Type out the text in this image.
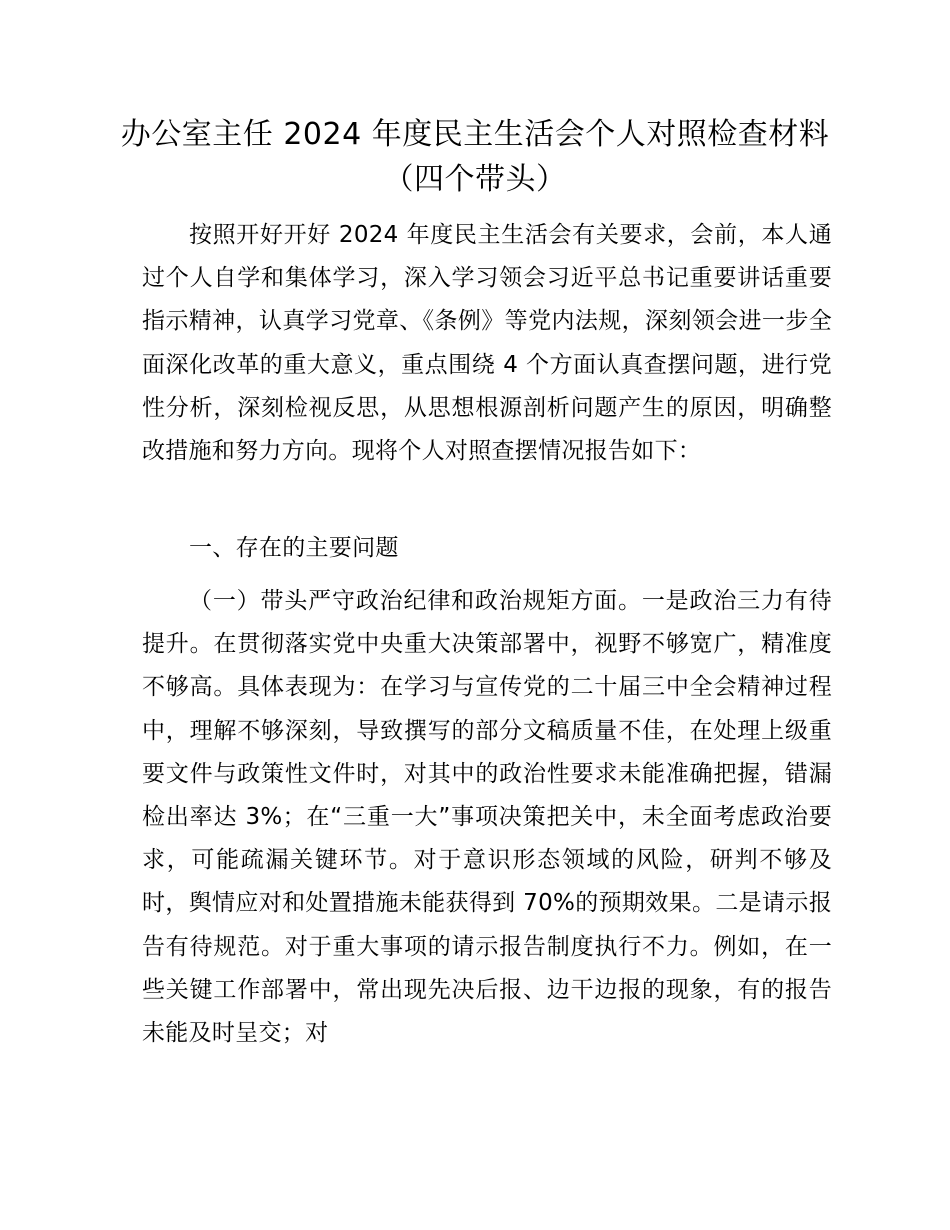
办公室主任 2024 年度民主生活会个人对照检查材料（四个带头）

按照开好开好 2024 年度民主生活会有关要求，会前，本人通过个人自学和集体学习，深入学习领会习近平总书记重要讲话重要指示精神，认真学习党章、《条例》等党内法规，深刻领会进一步全面深化改革的重大意义，重点围绕 4 个方面认真查摆问题，进行党性分析，深刻检视反思，从思想根源剖析问题产生的原因，明确整改措施和努力方向。现将个人对照查摆情况报告如下：

一、存在的主要问题

（一）带头严守政治纪律和政治规矩方面。一是政治三力有待提升。在贯彻落实党中央重大决策部署中，视野不够宽广，精准度不够高。具体表现为：在学习与宣传党的二十届三中全会精神过程中，理解不够深刻，导致撰写的部分文稿质量不佳，在处理上级重要文件与政策性文件时，对其中的政治性要求未能准确把握，错漏检出率达 3%；在“三重一大”事项决策把关中，未全面考虑政治要求，可能疏漏关键环节。对于意识形态领域的风险，研判不够及时，舆情应对和处置措施未能获得到 70%的预期效果。二是请示报告有待规范。对于重大事项的请示报告制度执行不力。例如，在一些关键工作部署中，常出现先决后报、边干边报的现象，有的报告未能及时呈交；对
